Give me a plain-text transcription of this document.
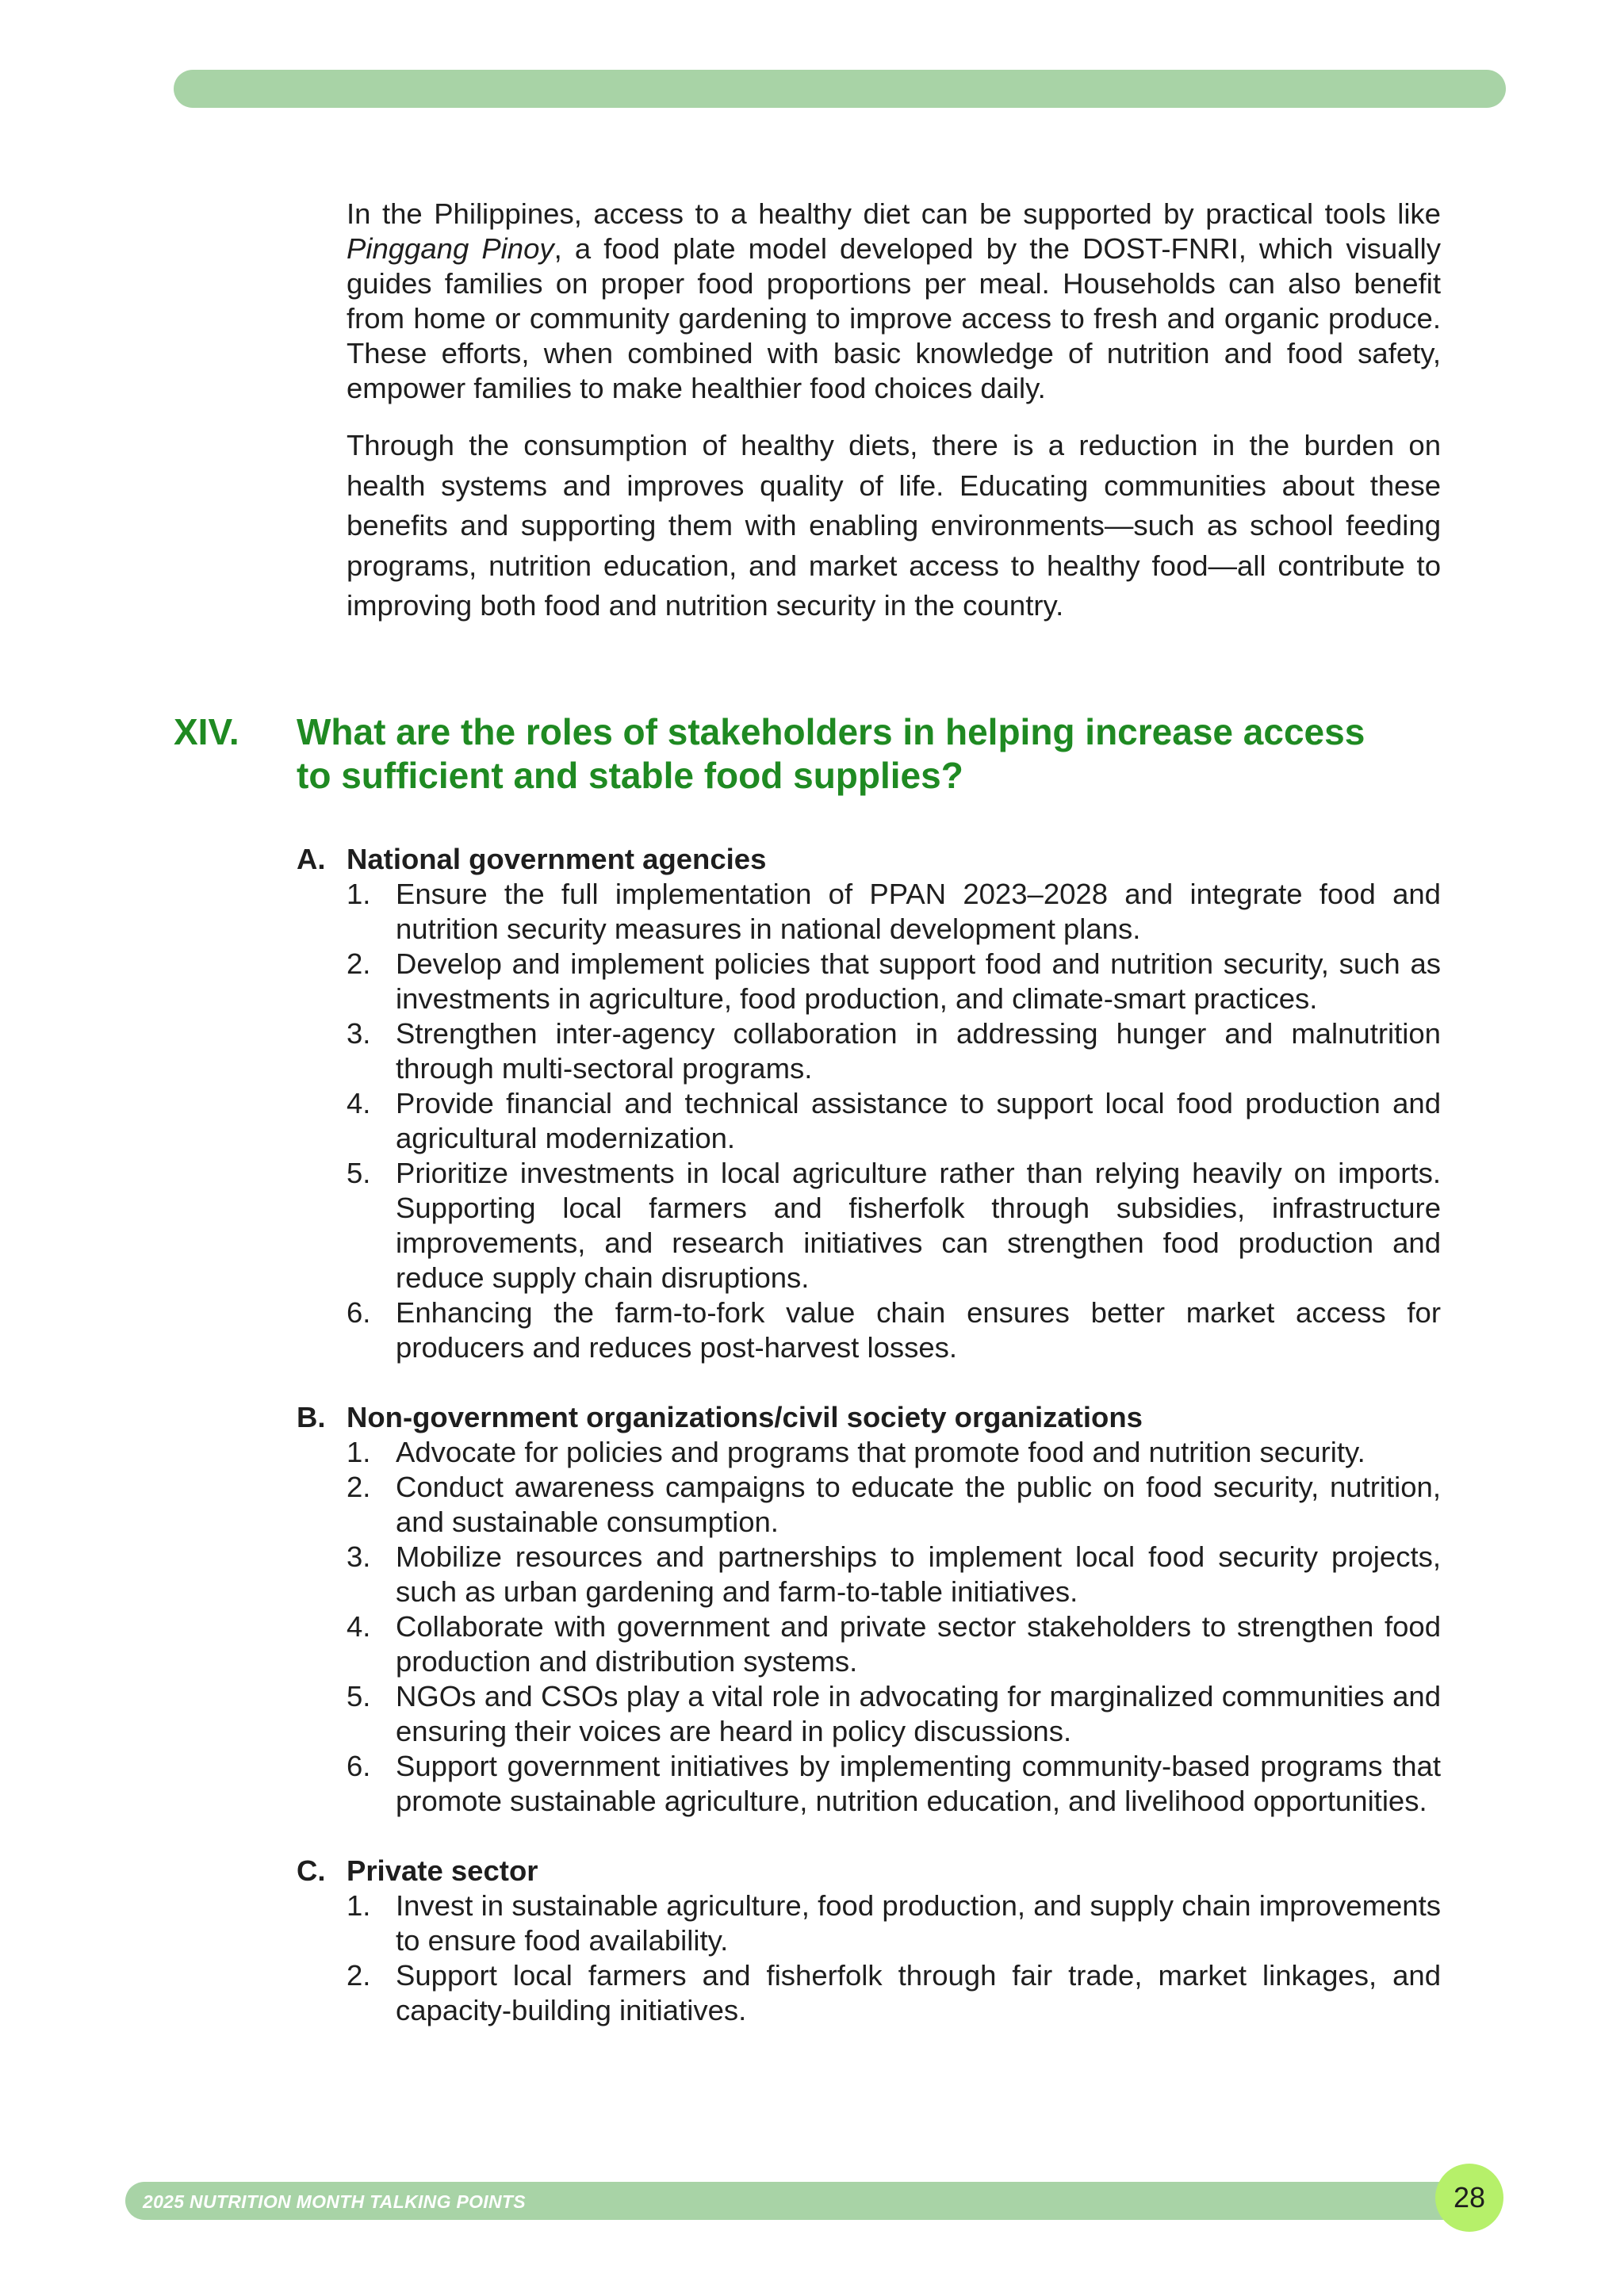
In the Philippines, access to a healthy diet can be supported by practical tools like Pinggang Pinoy, a food plate model developed by the DOST-FNRI, which visually guides families on proper food proportions per meal. Households can also benefit from home or community gardening to improve access to fresh and organic produce. These efforts, when combined with basic knowledge of nutrition and food safety, empower families to make healthier food choices daily.

Through the consumption of healthy diets, there is a reduction in the burden on health systems and improves quality of life. Educating communities about these benefits and supporting them with enabling environments—such as school feeding programs, nutrition education, and market access to healthy food—all contribute to improving both food and nutrition security in the country.

XIV. What are the roles of stakeholders in helping increase access to sufficient and stable food supplies?
A. National government agencies
1. Ensure the full implementation of PPAN 2023–2028 and integrate food and nutrition security measures in national development plans.
2. Develop and implement policies that support food and nutrition security, such as investments in agriculture, food production, and climate-smart practices.
3. Strengthen inter-agency collaboration in addressing hunger and malnutrition through multi-sectoral programs.
4. Provide financial and technical assistance to support local food production and agricultural modernization.
5. Prioritize investments in local agriculture rather than relying heavily on imports. Supporting local farmers and fisherfolk through subsidies, infrastructure improvements, and research initiatives can strengthen food production and reduce supply chain disruptions.
6. Enhancing the farm-to-fork value chain ensures better market access for producers and reduces post-harvest losses.
B. Non-government organizations/civil society organizations
1. Advocate for policies and programs that promote food and nutrition security.
2. Conduct awareness campaigns to educate the public on food security, nutrition, and sustainable consumption.
3. Mobilize resources and partnerships to implement local food security projects, such as urban gardening and farm-to-table initiatives.
4. Collaborate with government and private sector stakeholders to strengthen food production and distribution systems.
5. NGOs and CSOs play a vital role in advocating for marginalized communities and ensuring their voices are heard in policy discussions.
6. Support government initiatives by implementing community-based programs that promote sustainable agriculture, nutrition education, and livelihood opportunities.
C. Private sector
1. Invest in sustainable agriculture, food production, and supply chain improvements to ensure food availability.
2. Support local farmers and fisherfolk through fair trade, market linkages, and capacity-building initiatives.
2025 NUTRITION MONTH TALKING POINTS	28
